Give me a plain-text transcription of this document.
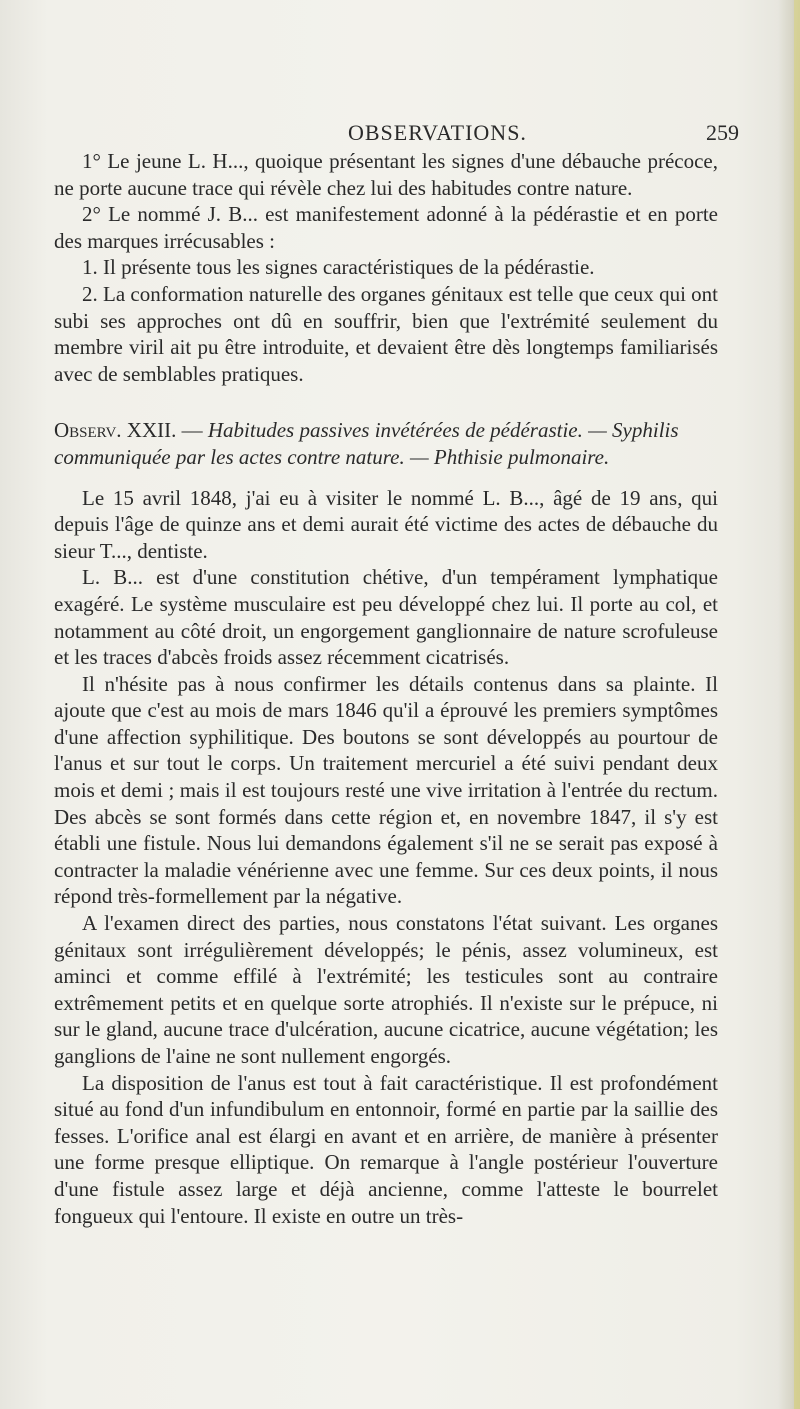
OBSERVATIONS.	259

1° Le jeune L. H..., quoique présentant les signes d'une débauche précoce, ne porte aucune trace qui révèle chez lui des habitudes contre nature.

2° Le nommé J. B... est manifestement adonné à la pédérastie et en porte des marques irrécusables :

1. Il présente tous les signes caractéristiques de la pédérastie.

2. La conformation naturelle des organes génitaux est telle que ceux qui ont subi ses approches ont dû en souffrir, bien que l'extrémité seulement du membre viril ait pu être introduite, et devaient être dès longtemps familiarisés avec de semblables pratiques.

Observ. XXII. — Habitudes passives invétérées de pédérastie. — Syphilis communiquée par les actes contre nature. — Phthisie pulmonaire.

Le 15 avril 1848, j'ai eu à visiter le nommé L. B..., âgé de 19 ans, qui depuis l'âge de quinze ans et demi aurait été victime des actes de débauche du sieur T..., dentiste.

L. B... est d'une constitution chétive, d'un tempérament lymphatique exagéré. Le système musculaire est peu développé chez lui. Il porte au col, et notamment au côté droit, un engorgement ganglionnaire de nature scrofuleuse et les traces d'abcès froids assez récemment cicatrisés.

Il n'hésite pas à nous confirmer les détails contenus dans sa plainte. Il ajoute que c'est au mois de mars 1846 qu'il a éprouvé les premiers symptômes d'une affection syphilitique. Des boutons se sont développés au pourtour de l'anus et sur tout le corps. Un traitement mercuriel a été suivi pendant deux mois et demi ; mais il est toujours resté une vive irritation à l'entrée du rectum. Des abcès se sont formés dans cette région et, en novembre 1847, il s'y est établi une fistule. Nous lui demandons également s'il ne se serait pas exposé à contracter la maladie vénérienne avec une femme. Sur ces deux points, il nous répond très-formellement par la négative.

A l'examen direct des parties, nous constatons l'état suivant. Les organes génitaux sont irrégulièrement développés; le pénis, assez volumineux, est aminci et comme effilé à l'extrémité; les testicules sont au contraire extrêmement petits et en quelque sorte atrophiés. Il n'existe sur le prépuce, ni sur le gland, aucune trace d'ulcération, aucune cicatrice, aucune végétation; les ganglions de l'aine ne sont nullement engorgés.

La disposition de l'anus est tout à fait caractéristique. Il est profondément situé au fond d'un infundibulum en entonnoir, formé en partie par la saillie des fesses. L'orifice anal est élargi en avant et en arrière, de manière à présenter une forme presque elliptique. On remarque à l'angle postérieur l'ouverture d'une fistule assez large et déjà ancienne, comme l'atteste le bourrelet fongueux qui l'entoure. Il existe en outre un très-
